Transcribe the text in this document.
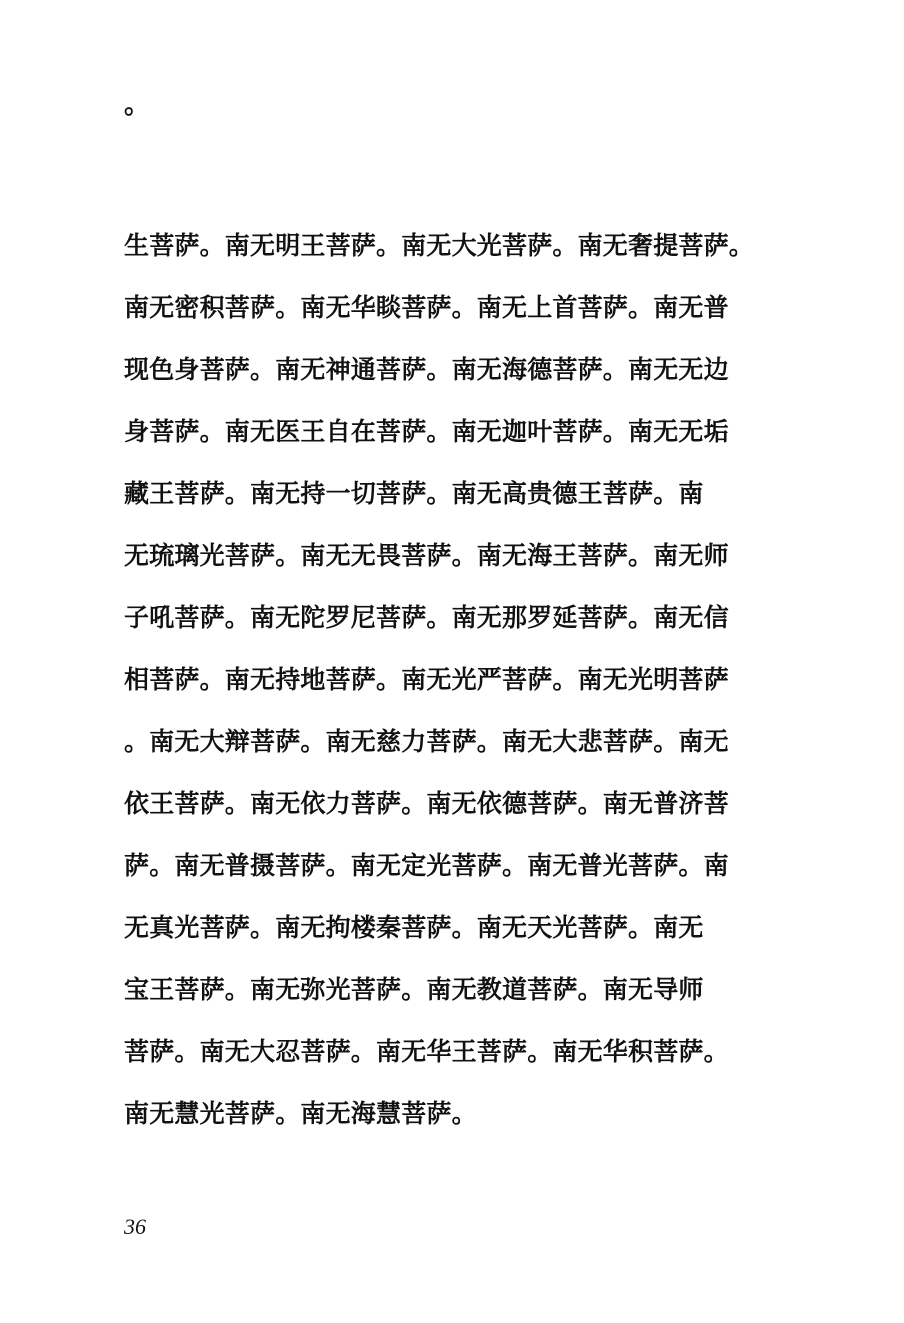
。
生菩萨。南无明王菩萨。南无大光菩萨。南无奢提菩萨。
南无密积菩萨。南无华睒菩萨。南无上首菩萨。南无普
现色身菩萨。南无神通菩萨。南无海德菩萨。南无无边
身菩萨。南无医王自在菩萨。南无迦叶菩萨。南无无垢
藏王菩萨。南无持一切菩萨。南无高贵德王菩萨。南
无琉璃光菩萨。南无无畏菩萨。南无海王菩萨。南无师
子吼菩萨。南无陀罗尼菩萨。南无那罗延菩萨。南无信
相菩萨。南无持地菩萨。南无光严菩萨。南无光明菩萨
。南无大辩菩萨。南无慈力菩萨。南无大悲菩萨。南无
依王菩萨。南无依力菩萨。南无依德菩萨。南无普济菩
萨。南无普摄菩萨。南无定光菩萨。南无普光菩萨。南
无真光菩萨。南无拘楼秦菩萨。南无天光菩萨。南无
宝王菩萨。南无弥光菩萨。南无教道菩萨。南无导师
菩萨。南无大忍菩萨。南无华王菩萨。南无华积菩萨。
南无慧光菩萨。南无海慧菩萨。
36
